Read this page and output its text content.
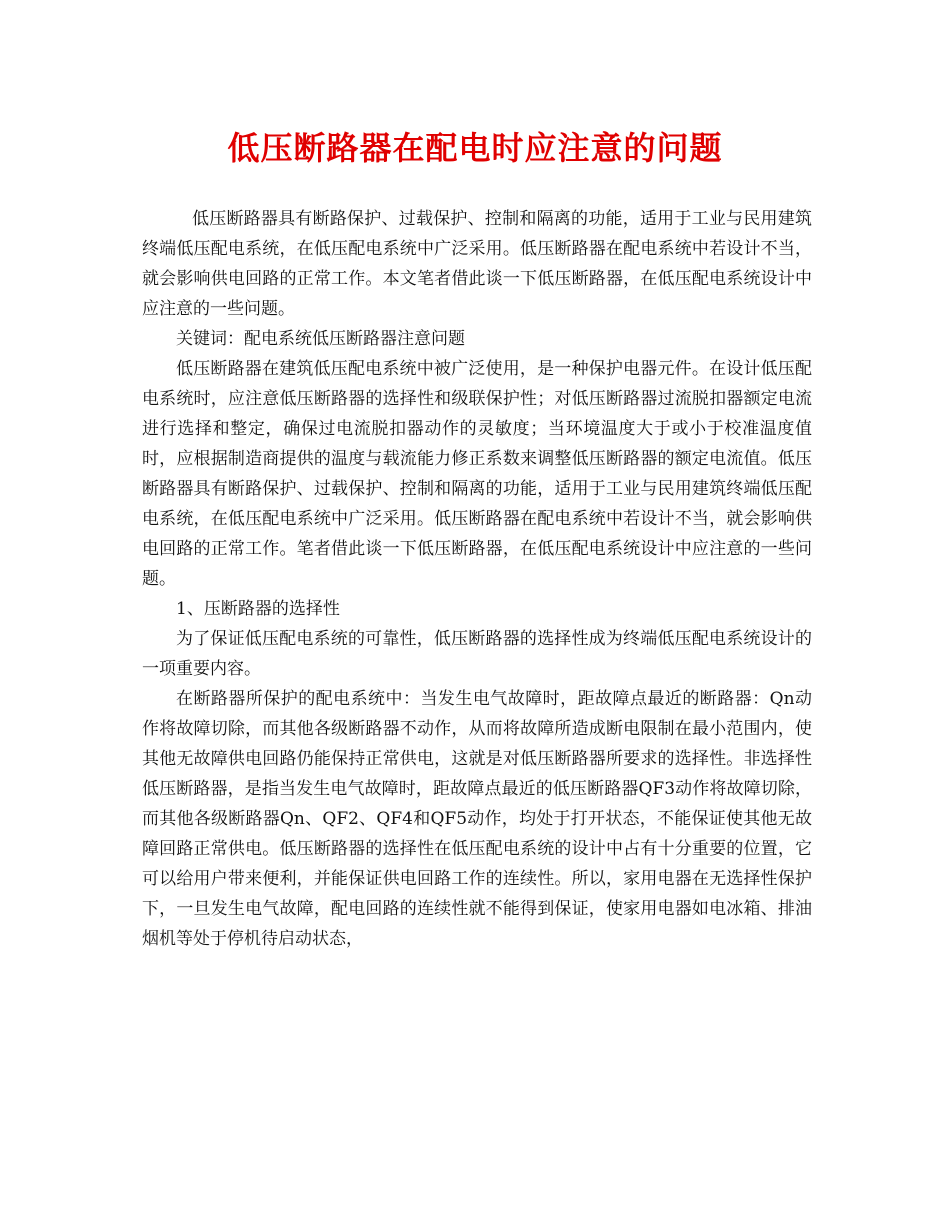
低压断路器在配电时应注意的问题

低压断路器具有断路保护、过载保护、控制和隔离的功能，适用于工业与民用建筑终端低压配电系统，在低压配电系统中广泛采用。低压断路器在配电系统中若设计不当，就会影响供电回路的正常工作。本文笔者借此谈一下低压断路器，在低压配电系统设计中应注意的一些问题。

关键词：配电系统低压断路器注意问题

低压断路器在建筑低压配电系统中被广泛使用，是一种保护电器元件。在设计低压配电系统时，应注意低压断路器的选择性和级联保护性；对低压断路器过流脱扣器额定电流进行选择和整定，确保过电流脱扣器动作的灵敏度；当环境温度大于或小于校准温度值时，应根据制造商提供的温度与载流能力修正系数来调整低压断路器的额定电流值。低压断路器具有断路保护、过载保护、控制和隔离的功能，适用于工业与民用建筑终端低压配电系统，在低压配电系统中广泛采用。低压断路器在配电系统中若设计不当，就会影响供电回路的正常工作。笔者借此谈一下低压断路器，在低压配电系统设计中应注意的一些问题。

1、压断路器的选择性

为了保证低压配电系统的可靠性，低压断路器的选择性成为终端低压配电系统设计的一项重要内容。

在断路器所保护的配电系统中：当发生电气故障时，距故障点最近的断路器：Qn动作将故障切除，而其他各级断路器不动作，从而将故障所造成断电限制在最小范围内，使其他无故障供电回路仍能保持正常供电，这就是对低压断路器所要求的选择性。非选择性低压断路器，是指当发生电气故障时，距故障点最近的低压断路器QF3动作将故障切除，而其他各级断路器Qn、QF2、QF4和QF5动作，均处于打开状态，不能保证使其他无故障回路正常供电。低压断路器的选择性在低压配电系统的设计中占有十分重要的位置，它可以给用户带来便利，并能保证供电回路工作的连续性。所以，家用电器在无选择性保护下，一旦发生电气故障，配电回路的连续性就不能得到保证，使家用电器如电冰箱、排油烟机等处于停机待启动状态，
